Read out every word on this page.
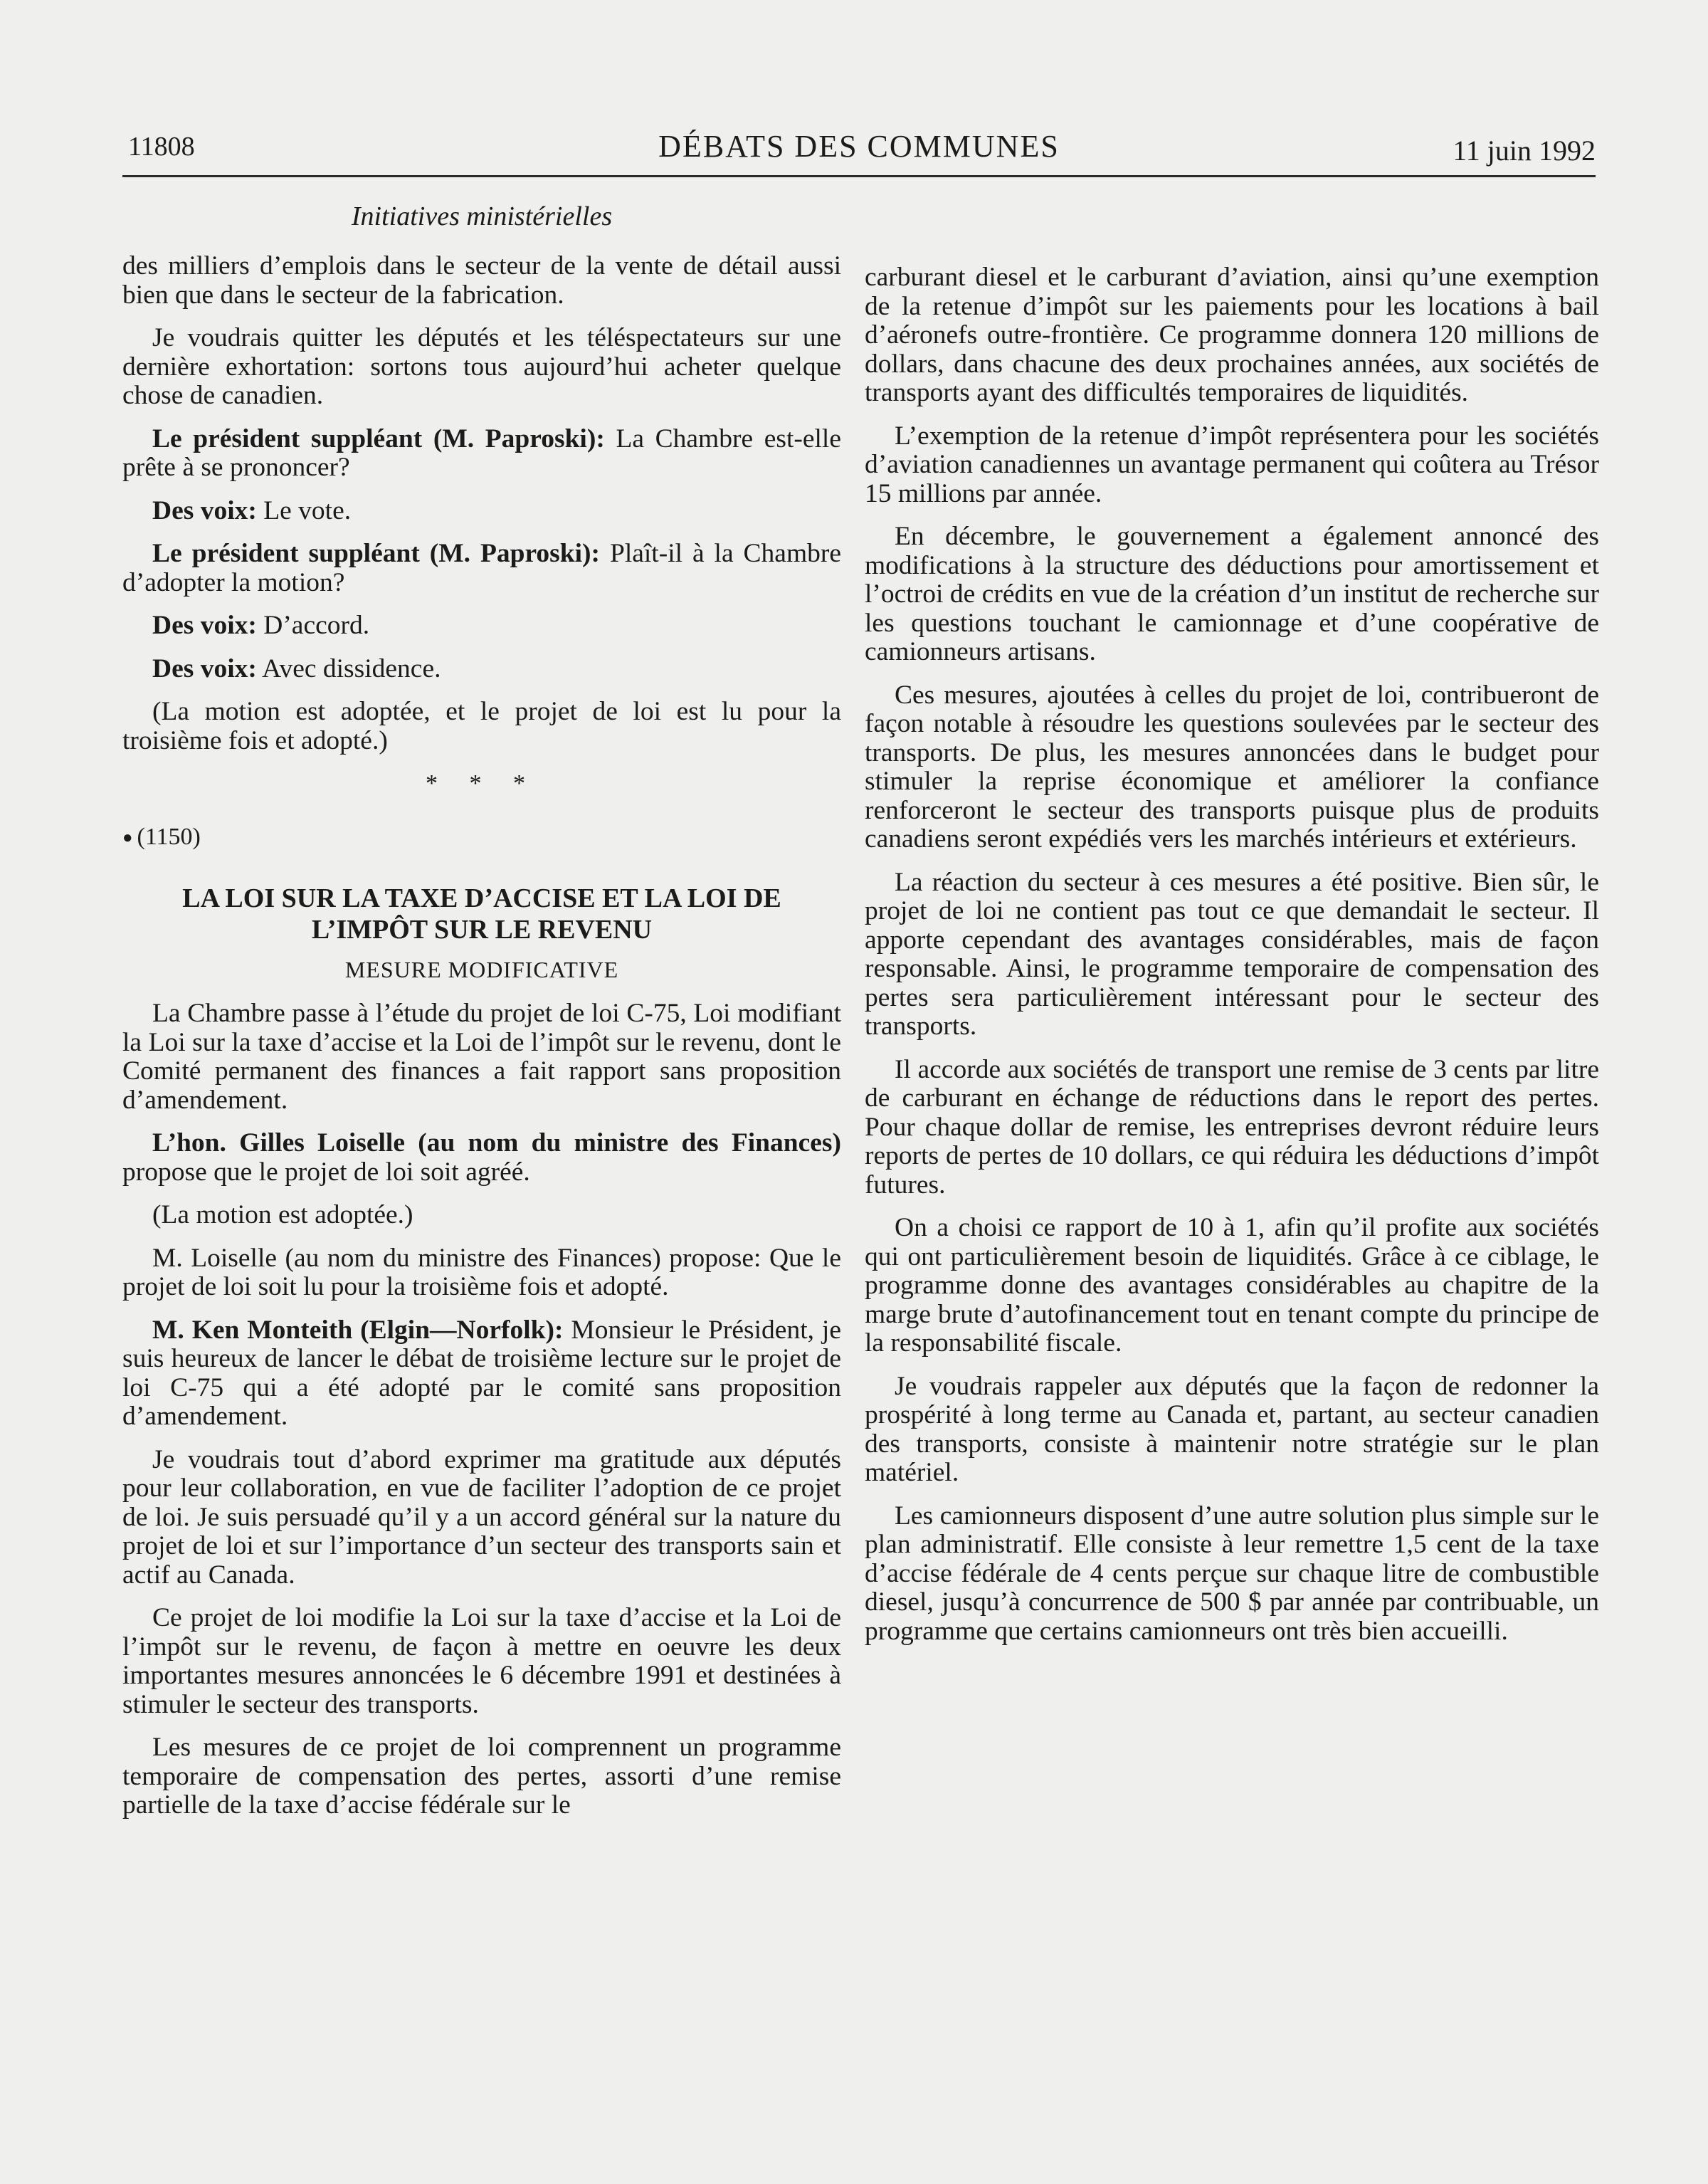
11808	DÉBATS DES COMMUNES	11 juin 1992
Initiatives ministérielles

des milliers d’emplois dans le secteur de la vente de détail aussi bien que dans le secteur de la fabrication.

Je voudrais quitter les députés et les téléspectateurs sur une dernière exhortation: sortons tous aujourd’hui acheter quelque chose de canadien.

Le président suppléant (M. Paproski): La Chambre est-elle prête à se prononcer?

Des voix: Le vote.

Le président suppléant (M. Paproski): Plaît-il à la Chambre d’adopter la motion?

Des voix: D’accord.

Des voix: Avec dissidence.

(La motion est adoptée, et le projet de loi est lu pour la troisième fois et adopté.)

* * *
● (1150)
LA LOI SUR LA TAXE D’ACCISE ET LA LOI DE L’IMPÔT SUR LE REVENU
MESURE MODIFICATIVE

La Chambre passe à l’étude du projet de loi C-75, Loi modifiant la Loi sur la taxe d’accise et la Loi de l’impôt sur le revenu, dont le Comité permanent des finances a fait rapport sans proposition d’amendement.

L’hon. Gilles Loiselle (au nom du ministre des Finances) propose que le projet de loi soit agréé.

(La motion est adoptée.)

M. Loiselle (au nom du ministre des Finances) propose: Que le projet de loi soit lu pour la troisième fois et adopté.

M. Ken Monteith (Elgin—Norfolk): Monsieur le Président, je suis heureux de lancer le débat de troisième lecture sur le projet de loi C-75 qui a été adopté par le comité sans proposition d’amendement.

Je voudrais tout d’abord exprimer ma gratitude aux députés pour leur collaboration, en vue de faciliter l’adoption de ce projet de loi. Je suis persuadé qu’il y a un accord général sur la nature du projet de loi et sur l’importance d’un secteur des transports sain et actif au Canada.

Ce projet de loi modifie la Loi sur la taxe d’accise et la Loi de l’impôt sur le revenu, de façon à mettre en oeuvre les deux importantes mesures annoncées le 6 décembre 1991 et destinées à stimuler le secteur des transports.

Les mesures de ce projet de loi comprennent un programme temporaire de compensation des pertes, assorti d’une remise partielle de la taxe d’accise fédérale sur le

carburant diesel et le carburant d’aviation, ainsi qu’une exemption de la retenue d’impôt sur les paiements pour les locations à bail d’aéronefs outre-frontière. Ce programme donnera 120 millions de dollars, dans chacune des deux prochaines années, aux sociétés de transports ayant des difficultés temporaires de liquidités.

L’exemption de la retenue d’impôt représentera pour les sociétés d’aviation canadiennes un avantage permanent qui coûtera au Trésor 15 millions par année.

En décembre, le gouvernement a également annoncé des modifications à la structure des déductions pour amortissement et l’octroi de crédits en vue de la création d’un institut de recherche sur les questions touchant le camionnage et d’une coopérative de camionneurs artisans.

Ces mesures, ajoutées à celles du projet de loi, contribueront de façon notable à résoudre les questions soulevées par le secteur des transports. De plus, les mesures annoncées dans le budget pour stimuler la reprise économique et améliorer la confiance renforceront le secteur des transports puisque plus de produits canadiens seront expédiés vers les marchés intérieurs et extérieurs.

La réaction du secteur à ces mesures a été positive. Bien sûr, le projet de loi ne contient pas tout ce que demandait le secteur. Il apporte cependant des avantages considérables, mais de façon responsable. Ainsi, le programme temporaire de compensation des pertes sera particulièrement intéressant pour le secteur des transports.

Il accorde aux sociétés de transport une remise de 3 cents par litre de carburant en échange de réductions dans le report des pertes. Pour chaque dollar de remise, les entreprises devront réduire leurs reports de pertes de 10 dollars, ce qui réduira les déductions d’impôt futures.

On a choisi ce rapport de 10 à 1, afin qu’il profite aux sociétés qui ont particulièrement besoin de liquidités. Grâce à ce ciblage, le programme donne des avantages considérables au chapitre de la marge brute d’autofinancement tout en tenant compte du principe de la responsabilité fiscale.

Je voudrais rappeler aux députés que la façon de redonner la prospérité à long terme au Canada et, partant, au secteur canadien des transports, consiste à maintenir notre stratégie sur le plan matériel.

Les camionneurs disposent d’une autre solution plus simple sur le plan administratif. Elle consiste à leur remettre 1,5 cent de la taxe d’accise fédérale de 4 cents perçue sur chaque litre de combustible diesel, jusqu’à concurrence de 500 $ par année par contribuable, un programme que certains camionneurs ont très bien accueilli.
